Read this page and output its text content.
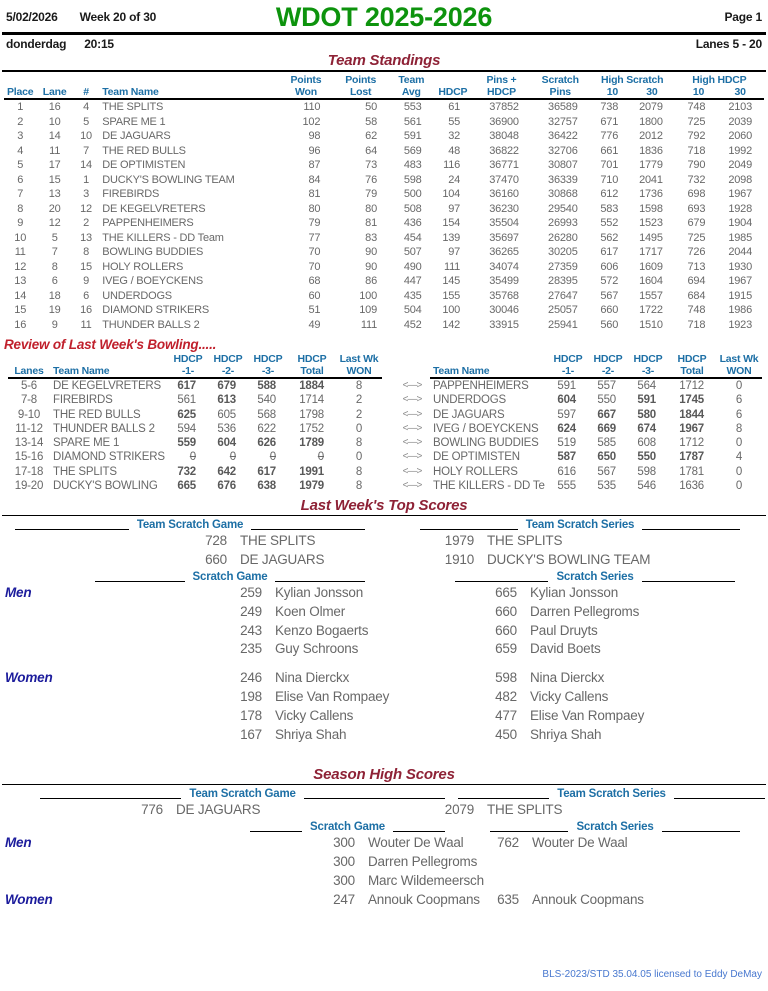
5/02/2026 Week 20 of 30	WDOT 2025-2026	Page 1
donderdag 20:15	Lanes 5 - 20
Team Standings
				Points	Points	Team		Pins +	Scratch	High Scratch		High HDCP	
Place	Lane	#	Team Name	Won	Lost	Avg	HDCP	HDCP	Pins	10 30		10 30	

1	16	4	THE SPLITS	110	50	553	61	37852	36589	738	2079	748	2103
2	10	5	SPARE ME 1	102	58	561	55	36900	32757	671	1800	725	2039
3	14	10	DE JAGUARS	98	62	591	32	38048	36422	776	2012	792	2060
4	11	7	THE RED BULLS	96	64	569	48	36822	32706	661	1836	718	1992
5	17	14	DE OPTIMISTEN	87	73	483	116	36771	30807	701	1779	790	2049
6	15	1	DUCKY'S BOWLING TEAM	84	76	598	24	37470	36339	710	2041	732	2098
7	13	3	FIREBIRDS	81	79	500	104	36160	30868	612	1736	698	1967
8	20	12	DE KEGELVRETERS	80	80	508	97	36230	29540	583	1598	693	1928
9	12	2	PAPPENHEIMERS	79	81	436	154	35504	26993	552	1523	679	1904
10	5	13	THE KILLERS - DD Team	77	83	454	139	35697	26280	562	1495	725	1985
11	7	8	BOWLING BUDDIES	70	90	507	97	36265	30205	617	1717	726	2044
12	8	15	HOLY ROLLERS	70	90	490	111	34074	27359	606	1609	713	1930
13	6	9	IVEG / BOEYCKENS	68	86	447	145	35499	28395	572	1604	694	1967
14	18	6	UNDERDOGS	60	100	435	155	35768	27647	567	1557	684	1915
15	19	16	DIAMOND STRIKERS	51	109	504	100	30046	25057	660	1722	748	1986
16	9	11	THUNDER BALLS 2	49	111	452	142	33915	25941	560	1510	718	1923
Review of Last Week's Bowling.....
		HDCP	HDCP	HDCP	HDCP	Last Wk
Lanes	Team Name	-1-	-2-	-3-	Total	WON
5-6	DE KEGELVRETERS	617	679	588	1884	8
7-8	FIREBIRDS	561	613	540	1714	2
9-10	THE RED BULLS	625	605	568	1798	2
11-12	THUNDER BALLS 2	594	536	622	1752	0
13-14	SPARE ME 1	559	604	626	1789	8
15-16	DIAMOND STRIKERS	0	0	0	0	0
17-18	THE SPLITS	732	642	617	1991	8
19-20	DUCKY'S BOWLING	665	676	638	1979	8
		HDCP	HDCP	HDCP	HDCP	Last Wk
	Team Name	-1-	-2-	-3-	Total	WON
<—>	PAPPENHEIMERS	591	557	564	1712	0
<—>	UNDERDOGS	604	550	591	1745	6
<—>	DE JAGUARS	597	667	580	1844	6
<—>	IVEG / BOEYCKENS	624	669	674	1967	8
<—>	BOWLING BUDDIES	519	585	608	1712	0
<—>	DE OPTIMISTEN	587	650	550	1787	4
<—>	HOLY ROLLERS	616	567	598	1781	0
<—>	THE KILLERS - DD Te	555	535	546	1636	0
Last Week's Top Scores
Team Scratch Game	Team Scratch Series
728 THE SPLITS
660 DE JAGUARS
1979 THE SPLITS
1910 DUCKY'S BOWLING TEAM
Scratch Game	Scratch Series
Men	259 Kylian Jonsson
249 Koen Olmer
243 Kenzo Bogaerts
235 Guy Schroons
665 Kylian Jonsson
660 Darren Pellegroms
660 Paul Druyts
659 David Boets
Women	246 Nina Dierckx
198 Elise Van Rompaey
178 Vicky Callens
167 Shriya Shah
598 Nina Dierckx
482 Vicky Callens
477 Elise Van Rompaey
450 Shriya Shah
Season High Scores
Team Scratch Game	Team Scratch Series
776 DE JAGUARS	2079 THE SPLITS
Scratch Game	Scratch Series
Men	300 Wouter De Waal
300 Darren Pellegroms
300 Marc Wildemeersch
762 Wouter De Waal
Women	247 Annouk Coopmans	635 Annouk Coopmans
BLS-2023/STD 35.04.05 licensed to Eddy DeMay
